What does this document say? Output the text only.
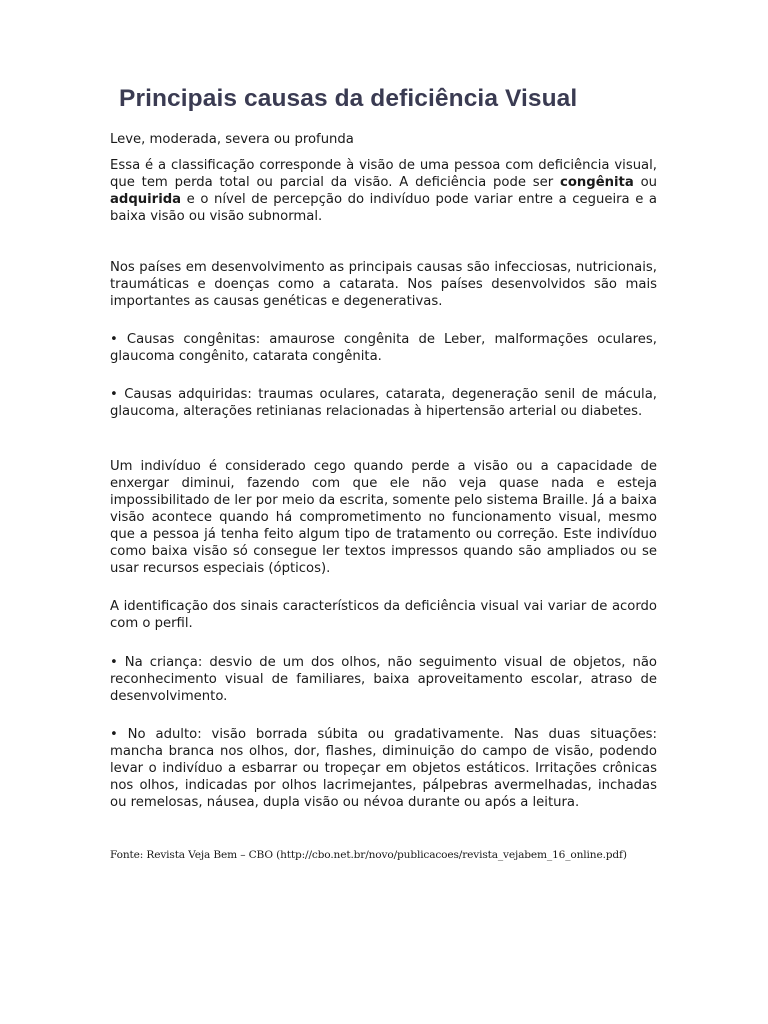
Principais causas da deficiência Visual
Leve, moderada, severa ou profunda
Essa é a classificação corresponde à visão de uma pessoa com deficiência visual, que tem perda total ou parcial da visão. A deficiência pode ser congênita ou adquirida e o nível de percepção do indivíduo pode variar entre a cegueira e a baixa visão ou visão subnormal.
Nos países em desenvolvimento as principais causas são infecciosas, nutricionais, traumáticas e doenças como a catarata. Nos países desenvolvidos são mais importantes as causas genéticas e degenerativas.
• Causas congênitas: amaurose congênita de Leber, malformações oculares, glaucoma congênito, catarata congênita.
• Causas adquiridas: traumas oculares, catarata, degeneração senil de mácula, glaucoma, alterações retinianas relacionadas à hipertensão arterial ou diabetes.
Um indivíduo é considerado cego quando perde a visão ou a capacidade de enxergar diminui, fazendo com que ele não veja quase nada e esteja impossibilitado de ler por meio da escrita, somente pelo sistema Braille. Já a baixa visão acontece quando há comprometimento no funcionamento visual, mesmo que a pessoa já tenha feito algum tipo de tratamento ou correção. Este indivíduo como baixa visão só consegue ler textos impressos quando são ampliados ou se usar recursos especiais (ópticos).
A identificação dos sinais característicos da deficiência visual vai variar de acordo com o perfil.
• Na criança: desvio de um dos olhos, não seguimento visual de objetos, não reconhecimento visual de familiares, baixa aproveitamento escolar, atraso de desenvolvimento.
• No adulto: visão borrada súbita ou gradativamente. Nas duas situações: mancha branca nos olhos, dor, flashes, diminuição do campo de visão, podendo levar o indivíduo a esbarrar ou tropeçar em objetos estáticos. Irritações crônicas nos olhos, indicadas por olhos lacrimejantes, pálpebras avermelhadas, inchadas ou remelosas, náusea, dupla visão ou névoa durante ou após a leitura.
Fonte: Revista Veja Bem – CBO (http://cbo.net.br/novo/publicacoes/revista_vejabem_16_online.pdf)
